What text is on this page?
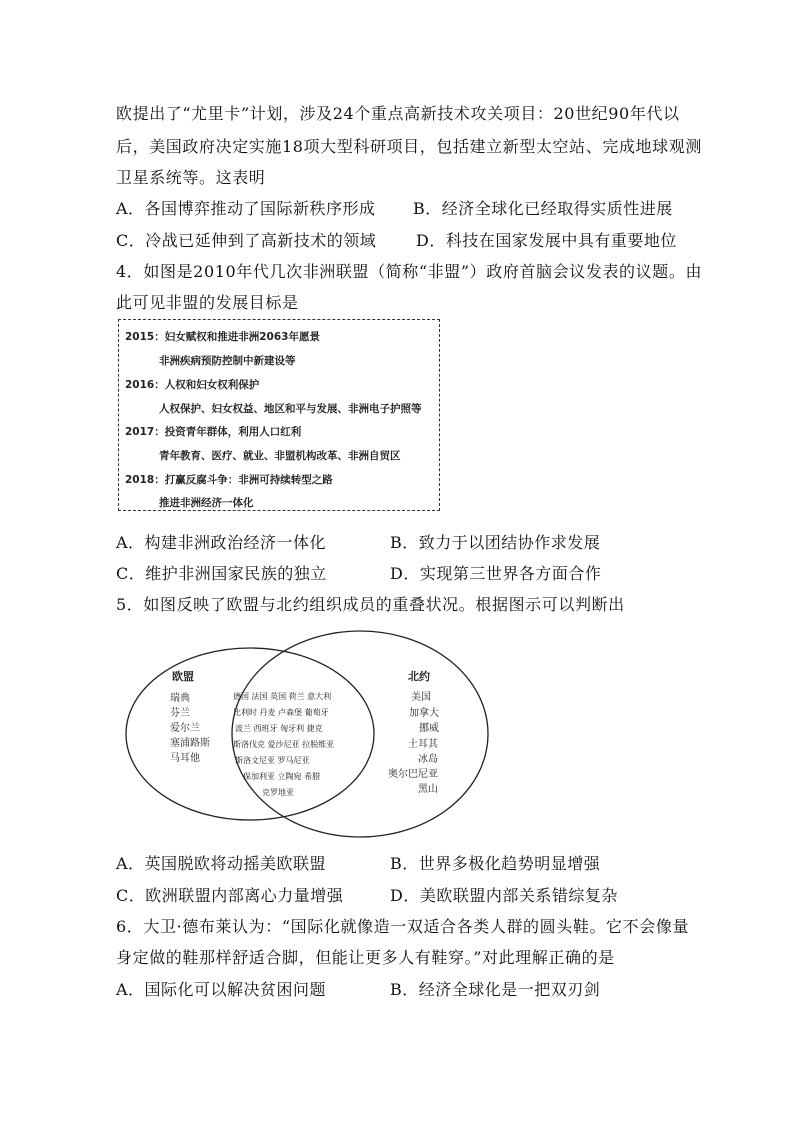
欧提出了“尤里卡”计划，涉及24个重点高新技术攻关项目：20世纪90年代以
后，美国政府决定实施18项大型科研项目，包括建立新型太空站、完成地球观测
卫星系统等。这表明
A．各国博弈推动了国际新秩序形成 B．经济全球化已经取得实质性进展
C．冷战已延伸到了高新技术的领域 D．科技在国家发展中具有重要地位
4．如图是2010年代几次非洲联盟（简称“非盟”）政府首脑会议发表的议题。由
此可见非盟的发展目标是
2015：妇女赋权和推进非洲2063年愿景
非洲疾病预防控制中新建设等
2016：人权和妇女权利保护
人权保护、妇女权益、地区和平与发展、非洲电子护照等
2017：投资青年群体，利用人口红利
青年教育、医疗、就业、非盟机构改革、非洲自贸区
2018：打赢反腐斗争：非洲可持续转型之路
推进非洲经济一体化
A．构建非洲政治经济一体化	B．致力于以团结协作求发展
C．维护非洲国家民族的独立	D．实现第三世界各方面合作
5．如图反映了欧盟与北约组织成员的重叠状况。根据图示可以判断出
欧盟
瑞典
芬兰
爱尔兰
塞浦路斯
马耳他
德国 法国 英国 荷兰 意大利
比利时 丹麦 卢森堡 葡萄牙
波兰 西班牙 匈牙利 捷克
斯洛伐克 爱沙尼亚 拉脱维亚
斯洛文尼亚 罗马尼亚
保加利亚 立陶宛 希腊
克罗地亚
北约
美国
加拿大
挪威
土耳其
冰岛
奥尔巴尼亚
黑山
A．英国脱欧将动摇美欧联盟	B．世界多极化趋势明显增强
C．欧洲联盟内部离心力量增强	D．美欧联盟内部关系错综复杂
6．大卫·德布莱认为：“国际化就像造一双适合各类人群的圆头鞋。它不会像量
身定做的鞋那样舒适合脚，但能让更多人有鞋穿。”对此理解正确的是
A．国际化可以解决贫困问题	B．经济全球化是一把双刃剑
